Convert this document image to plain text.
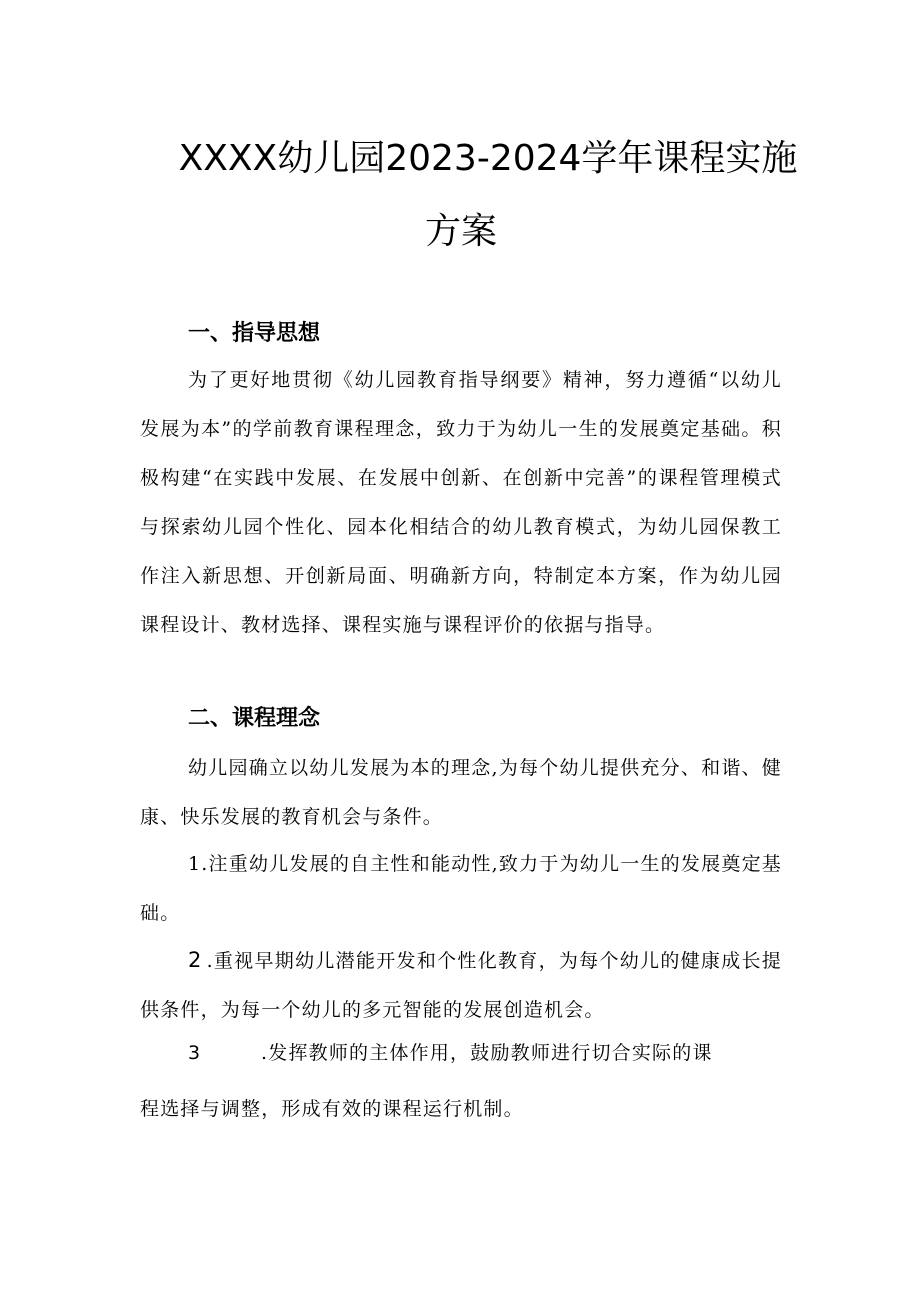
XXXX幼儿园2023-2024学年课程实施
方案
一、指导思想
为了更好地贯彻《幼儿园教育指导纲要》精神，努力遵循“以幼儿发展为本”的学前教育课程理念，致力于为幼儿一生的发展奠定基础。积极构建“在实践中发展、在发展中创新、在创新中完善”的课程管理模式与探索幼儿园个性化、园本化相结合的幼儿教育模式，为幼儿园保教工作注入新思想、开创新局面、明确新方向，特制定本方案，作为幼儿园课程设计、教材选择、课程实施与课程评价的依据与指导。
二、课程理念
幼儿园确立以幼儿发展为本的理念,为每个幼儿提供充分、和谐、健康、快乐发展的教育机会与条件。
1.注重幼儿发展的自主性和能动性,致力于为幼儿一生的发展奠定基础。
2 .重视早期幼儿潜能开发和个性化教育，为每个幼儿的健康成长提供条件，为每一个幼儿的多元智能的发展创造机会。
3	.发挥教师的主体作用，鼓励教师进行切合实际的课
程选择与调整，形成有效的课程运行机制。
